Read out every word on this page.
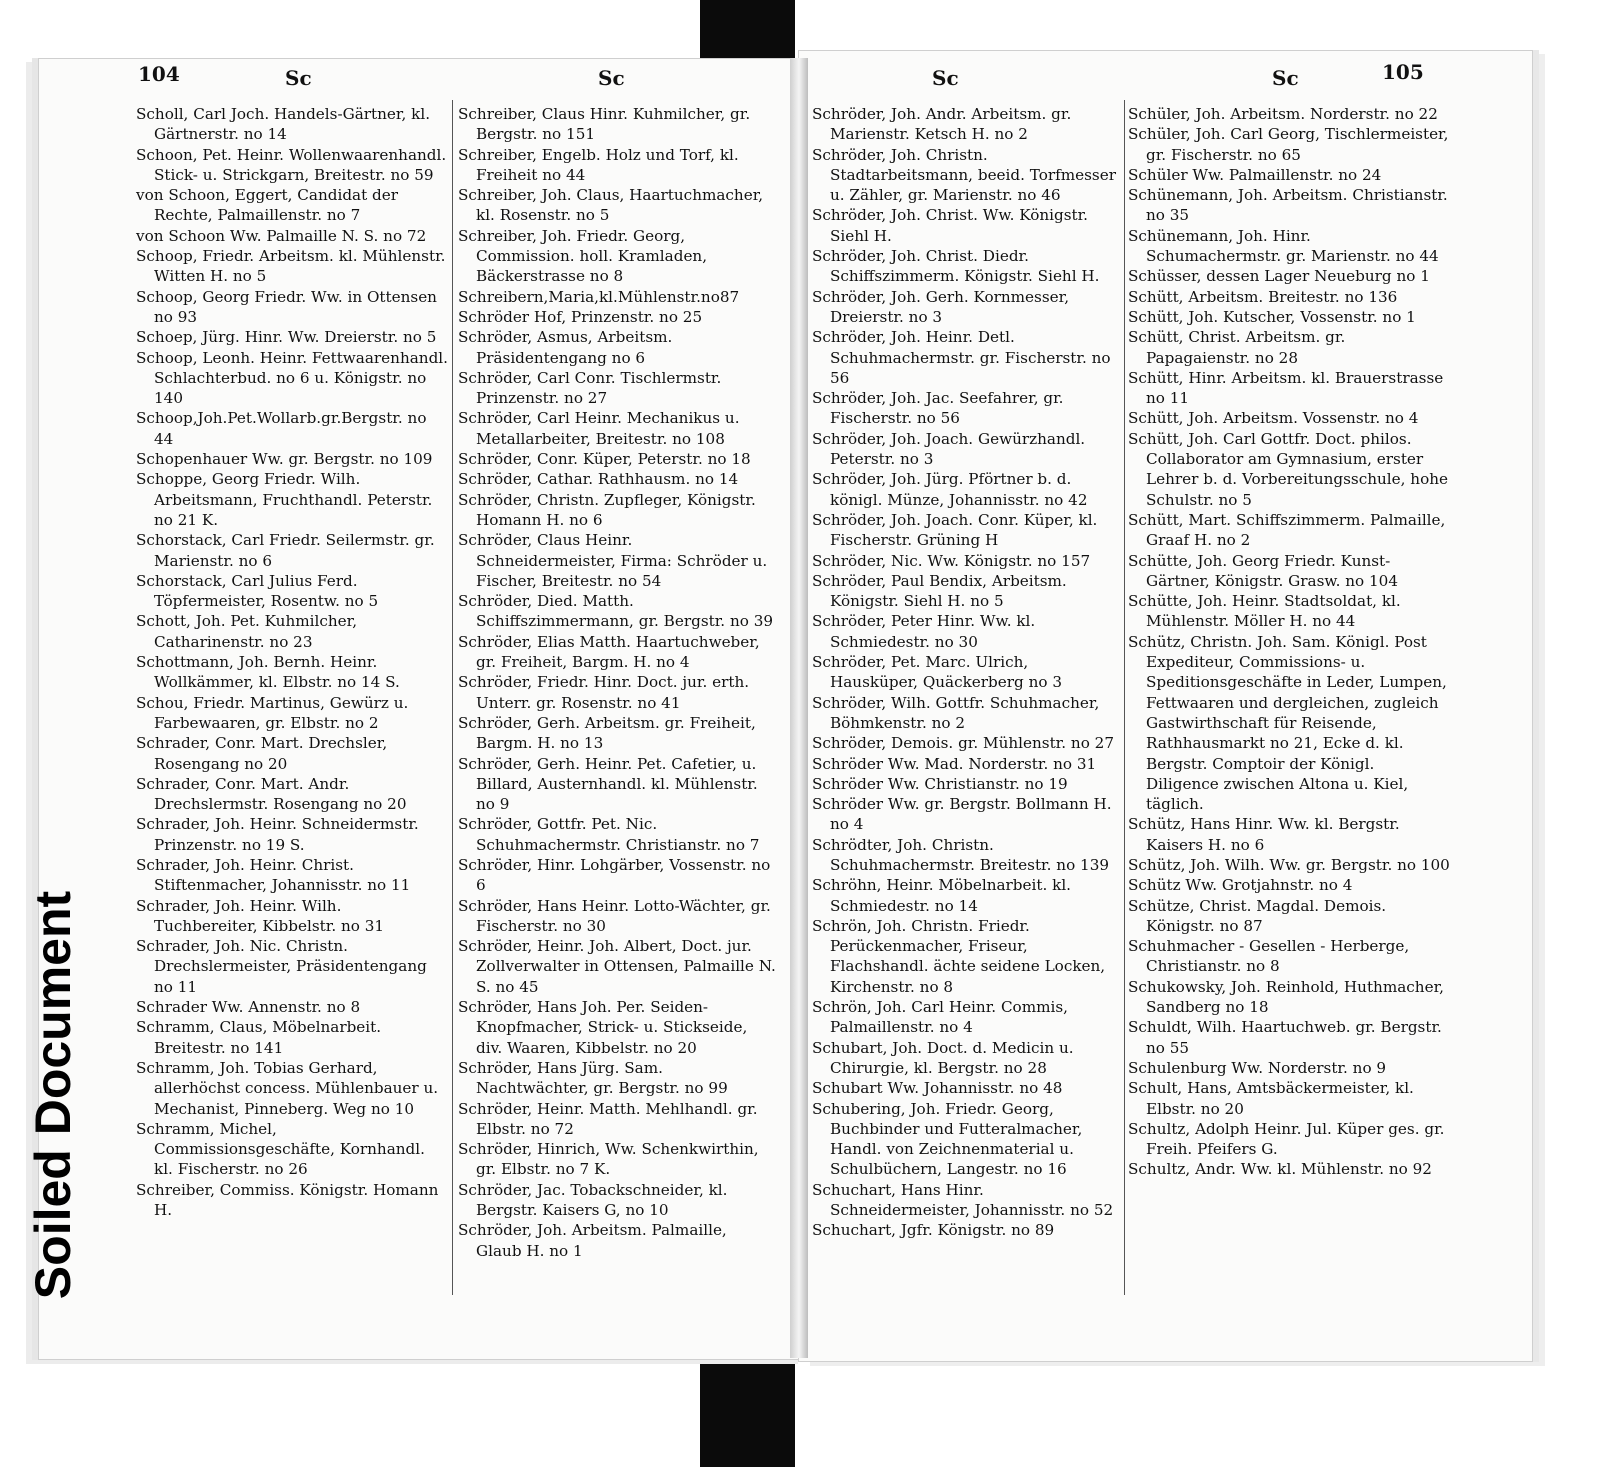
Soiled Document
104	Sc	Sc	Sc	Sc	105

Scholl, Carl Joch. Handels-Gärtner, kl. Gärtnerstr. no 14

Schoon, Pet. Heinr. Wollenwaarenhandl. Stick- u. Strickgarn, Breitestr. no 59

von Schoon, Eggert, Candidat der Rechte, Palmaillenstr. no 7

von Schoon Ww. Palmaille N. S. no 72

Schoop, Friedr. Arbeitsm. kl. Mühlenstr. Witten H. no 5

Schoop, Georg Friedr. Ww. in Ottensen no 93

Schoep, Jürg. Hinr. Ww. Dreierstr. no 5

Schoop, Leonh. Heinr. Fettwaarenhandl. Schlachterbud. no 6 u. Königstr. no 140

Schoop,Joh.Pet.Wollarb.gr.Bergstr. no 44

Schopenhauer Ww. gr. Bergstr. no 109

Schoppe, Georg Friedr. Wilh. Arbeitsmann, Fruchthandl. Peterstr. no 21 K.

Schorstack, Carl Friedr. Seilermstr. gr. Marienstr. no 6

Schorstack, Carl Julius Ferd. Töpfermeister, Rosentw. no 5

Schott, Joh. Pet. Kuhmilcher, Catharinenstr. no 23

Schottmann, Joh. Bernh. Heinr. Wollkämmer, kl. Elbstr. no 14 S.

Schou, Friedr. Martinus, Gewürz u. Farbewaaren, gr. Elbstr. no 2

Schrader, Conr. Mart. Drechsler, Rosengang no 20

Schrader, Conr. Mart. Andr. Drechslermstr. Rosengang no 20

Schrader, Joh. Heinr. Schneidermstr. Prinzenstr. no 19 S.

Schrader, Joh. Heinr. Christ. Stiftenmacher, Johannisstr. no 11

Schrader, Joh. Heinr. Wilh. Tuchbereiter, Kibbelstr. no 31

Schrader, Joh. Nic. Christn. Drechslermeister, Präsidentengang no 11

Schrader Ww. Annenstr. no 8

Schramm, Claus, Möbelnarbeit. Breitestr. no 141

Schramm, Joh. Tobias Gerhard, allerhöchst concess. Mühlenbauer u. Mechanist, Pinneberg. Weg no 10

Schramm, Michel, Commissionsgeschäfte, Kornhandl. kl. Fischerstr. no 26

Schreiber, Commiss. Königstr. Homann H.

Schreiber, Claus Hinr. Kuhmilcher, gr. Bergstr. no 151

Schreiber, Engelb. Holz und Torf, kl. Freiheit no 44

Schreiber, Joh. Claus, Haartuchmacher, kl. Rosenstr. no 5

Schreiber, Joh. Friedr. Georg, Commission. holl. Kramladen, Bäckerstrasse no 8

Schreibern,Maria,kl.Mühlenstr.no87

Schröder Hof, Prinzenstr. no 25

Schröder, Asmus, Arbeitsm. Präsidentengang no 6

Schröder, Carl Conr. Tischlermstr. Prinzenstr. no 27

Schröder, Carl Heinr. Mechanikus u. Metallarbeiter, Breitestr. no 108

Schröder, Conr. Küper, Peterstr. no 18

Schröder, Cathar. Rathhausm. no 14

Schröder, Christn. Zupfleger, Königstr. Homann H. no 6

Schröder, Claus Heinr. Schneidermeister, Firma: Schröder u. Fischer, Breitestr. no 54

Schröder, Died. Matth. Schiffszimmermann, gr. Bergstr. no 39

Schröder, Elias Matth. Haartuchweber, gr. Freiheit, Bargm. H. no 4

Schröder, Friedr. Hinr. Doct. jur. erth. Unterr. gr. Rosenstr. no 41

Schröder, Gerh. Arbeitsm. gr. Freiheit, Bargm. H. no 13

Schröder, Gerh. Heinr. Pet. Cafetier, u. Billard, Austernhandl. kl. Mühlenstr. no 9

Schröder, Gottfr. Pet. Nic. Schuhmachermstr. Christianstr. no 7

Schröder, Hinr. Lohgärber, Vossenstr. no 6

Schröder, Hans Heinr. Lotto-Wächter, gr. Fischerstr. no 30

Schröder, Heinr. Joh. Albert, Doct. jur. Zollverwalter in Ottensen, Palmaille N. S. no 45

Schröder, Hans Joh. Per. Seiden-Knopfmacher, Strick- u. Stickseide, div. Waaren, Kibbelstr. no 20

Schröder, Hans Jürg. Sam. Nachtwächter, gr. Bergstr. no 99

Schröder, Heinr. Matth. Mehlhandl. gr. Elbstr. no 72

Schröder, Hinrich, Ww. Schenkwirthin, gr. Elbstr. no 7 K.

Schröder, Jac. Tobackschneider, kl. Bergstr. Kaisers G, no 10

Schröder, Joh. Arbeitsm. Palmaille, Glaub H. no 1

Schröder, Joh. Andr. Arbeitsm. gr. Marienstr. Ketsch H. no 2

Schröder, Joh. Christn. Stadtarbeitsmann, beeid. Torfmesser u. Zähler, gr. Marienstr. no 46

Schröder, Joh. Christ. Ww. Königstr. Siehl H.

Schröder, Joh. Christ. Diedr. Schiffszimmerm. Königstr. Siehl H.

Schröder, Joh. Gerh. Kornmesser, Dreierstr. no 3

Schröder, Joh. Heinr. Detl. Schuhmachermstr. gr. Fischerstr. no 56

Schröder, Joh. Jac. Seefahrer, gr. Fischerstr. no 56

Schröder, Joh. Joach. Gewürzhandl. Peterstr. no 3

Schröder, Joh. Jürg. Pförtner b. d. königl. Münze, Johannisstr. no 42

Schröder, Joh. Joach. Conr. Küper, kl. Fischerstr. Grüning H

Schröder, Nic. Ww. Königstr. no 157

Schröder, Paul Bendix, Arbeitsm. Königstr. Siehl H. no 5

Schröder, Peter Hinr. Ww. kl. Schmiedestr. no 30

Schröder, Pet. Marc. Ulrich, Hausküper, Quäckerberg no 3

Schröder, Wilh. Gottfr. Schuhmacher, Böhmkenstr. no 2

Schröder, Demois. gr. Mühlenstr. no 27

Schröder Ww. Mad. Norderstr. no 31

Schröder Ww. Christianstr. no 19

Schröder Ww. gr. Bergstr. Bollmann H. no 4

Schrödter, Joh. Christn. Schuhmachermstr. Breitestr. no 139

Schröhn, Heinr. Möbelnarbeit. kl. Schmiedestr. no 14

Schrön, Joh. Christn. Friedr. Perückenmacher, Friseur, Flachshandl. ächte seidene Locken, Kirchenstr. no 8

Schrön, Joh. Carl Heinr. Commis, Palmaillenstr. no 4

Schubart, Joh. Doct. d. Medicin u. Chirurgie, kl. Bergstr. no 28

Schubart Ww. Johannisstr. no 48

Schubering, Joh. Friedr. Georg, Buchbinder und Futteralmacher, Handl. von Zeichnenmaterial u. Schulbüchern, Langestr. no 16

Schuchart, Hans Hinr. Schneidermeister, Johannisstr. no 52

Schuchart, Jgfr. Königstr. no 89

Schüler, Joh. Arbeitsm. Norderstr. no 22

Schüler, Joh. Carl Georg, Tischlermeister, gr. Fischerstr. no 65

Schüler Ww. Palmaillenstr. no 24

Schünemann, Joh. Arbeitsm. Christianstr. no 35

Schünemann, Joh. Hinr. Schumachermstr. gr. Marienstr. no 44

Schüsser, dessen Lager Neueburg no 1

Schütt, Arbeitsm. Breitestr. no 136

Schütt, Joh. Kutscher, Vossenstr. no 1

Schütt, Christ. Arbeitsm. gr. Papagaienstr. no 28

Schütt, Hinr. Arbeitsm. kl. Brauerstrasse no 11

Schütt, Joh. Arbeitsm. Vossenstr. no 4

Schütt, Joh. Carl Gottfr. Doct. philos. Collaborator am Gymnasium, erster Lehrer b. d. Vorbereitungsschule, hohe Schulstr. no 5

Schütt, Mart. Schiffszimmerm. Palmaille, Graaf H. no 2

Schütte, Joh. Georg Friedr. Kunst-Gärtner, Königstr. Grasw. no 104

Schütte, Joh. Heinr. Stadtsoldat, kl. Mühlenstr. Möller H. no 44

Schütz, Christn. Joh. Sam. Königl. Post Expediteur, Commissions- u. Speditionsgeschäfte in Leder, Lumpen, Fettwaaren und dergleichen, zugleich Gastwirthschaft für Reisende, Rathhausmarkt no 21, Ecke d. kl. Bergstr. Comptoir der Königl. Diligence zwischen Altona u. Kiel, täglich.

Schütz, Hans Hinr. Ww. kl. Bergstr. Kaisers H. no 6

Schütz, Joh. Wilh. Ww. gr. Bergstr. no 100

Schütz Ww. Grotjahnstr. no 4

Schütze, Christ. Magdal. Demois. Königstr. no 87

Schuhmacher - Gesellen - Herberge, Christianstr. no 8

Schukowsky, Joh. Reinhold, Huthmacher, Sandberg no 18

Schuldt, Wilh. Haartuchweb. gr. Bergstr. no 55

Schulenburg Ww. Norderstr. no 9

Schult, Hans, Amtsbäckermeister, kl. Elbstr. no 20

Schultz, Adolph Heinr. Jul. Küper ges. gr. Freih. Pfeifers G.

Schultz, Andr. Ww. kl. Mühlenstr. no 92
